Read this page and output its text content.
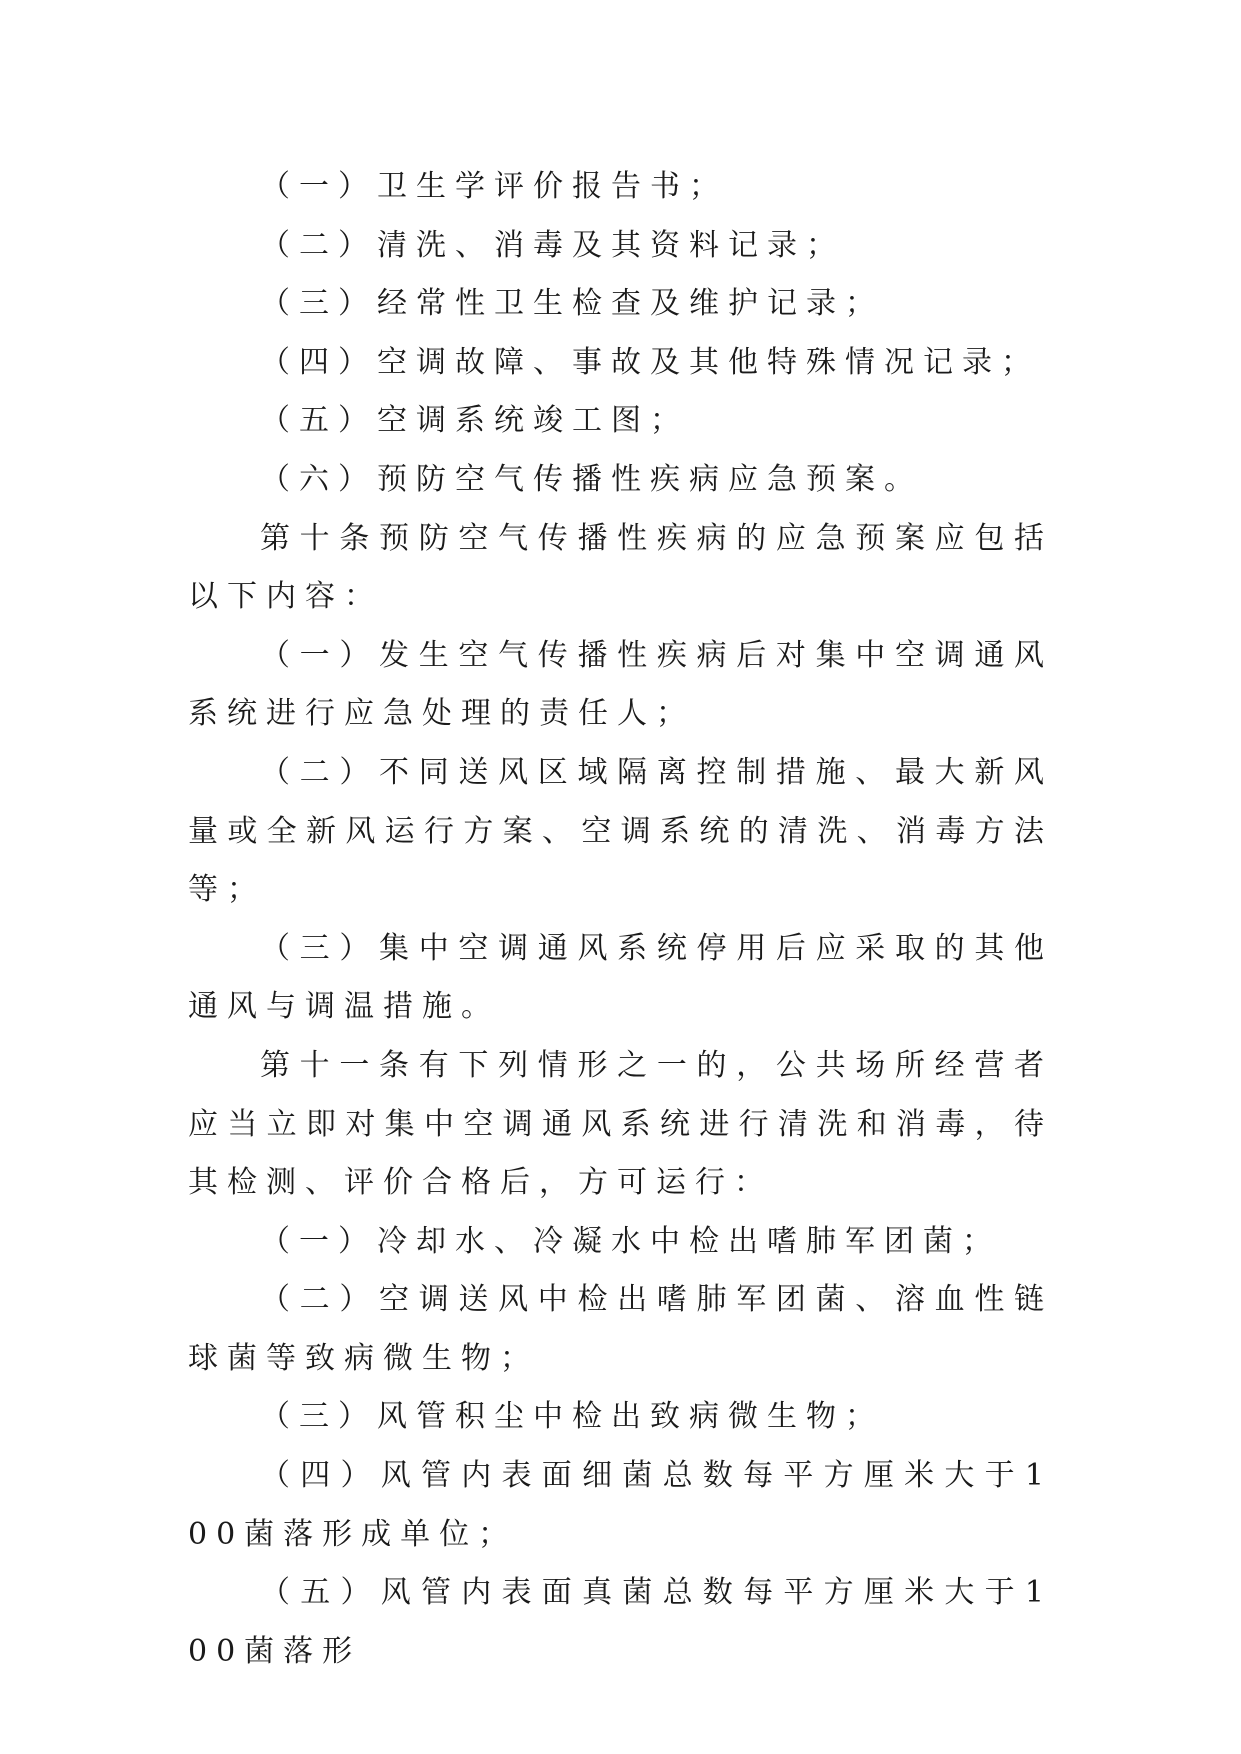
（一）卫生学评价报告书；

（二）清洗、消毒及其资料记录；

（三）经常性卫生检查及维护记录；

（四）空调故障、事故及其他特殊情况记录；

（五）空调系统竣工图；

（六）预防空气传播性疾病应急预案。

第十条预防空气传播性疾病的应急预案应包括以下内容：

（一）发生空气传播性疾病后对集中空调通风系统进行应急处理的责任人；

（二）不同送风区域隔离控制措施、最大新风量或全新风运行方案、空调系统的清洗、消毒方法等；

（三）集中空调通风系统停用后应采取的其他通风与调温措施。

第十一条有下列情形之一的，公共场所经营者应当立即对集中空调通风系统进行清洗和消毒，待其检测、评价合格后，方可运行：

（一）冷却水、冷凝水中检出嗜肺军团菌；

（二）空调送风中检出嗜肺军团菌、溶血性链球菌等致病微生物；

（三）风管积尘中检出致病微生物；

（四）风管内表面细菌总数每平方厘米大于100菌落形成单位；

（五）风管内表面真菌总数每平方厘米大于100菌落形
